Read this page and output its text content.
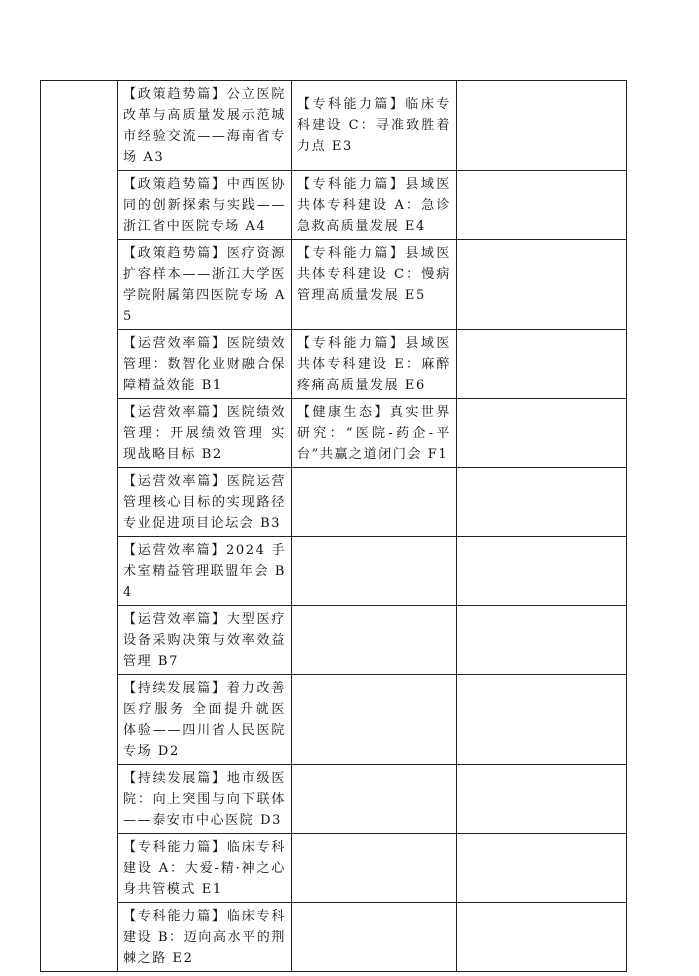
	【政策趋势篇】公立医院改革与高质量发展示范城市经验交流——海南省专场 A3	【专科能力篇】临床专科建设 C：寻准致胜着力点 E3	

	【政策趋势篇】中西医协同的创新探索与实践——浙江省中医院专场 A4	【专科能力篇】县域医共体专科建设 A：急诊急救高质量发展 E4	

	【政策趋势篇】医疗资源扩容样本——浙江大学医学院附属第四医院专场 A5	【专科能力篇】县域医共体专科建设 C：慢病管理高质量发展 E5	

	【运营效率篇】医院绩效管理：数智化业财融合保障精益效能 B1	【专科能力篇】县域医共体专科建设 E：麻醉疼痛高质量发展 E6	

	【运营效率篇】医院绩效管理：开展绩效管理 实现战略目标 B2	【健康生态】真实世界研究：“医院-药企-平台”共赢之道闭门会 F1	

	【运营效率篇】医院运营管理核心目标的实现路径专业促进项目论坛会 B3		

	【运营效率篇】2024 手术室精益管理联盟年会 B4		

	【运营效率篇】大型医疗设备采购决策与效率效益管理 B7		

	【持续发展篇】着力改善医疗服务 全面提升就医体验——四川省人民医院专场 D2		

	【持续发展篇】地市级医院：向上突围与向下联体——泰安市中心医院 D3		

	【专科能力篇】临床专科建设 A：大爱-精·神之心身共管模式 E1		

	【专科能力篇】临床专科建设 B：迈向高水平的荆棘之路 E2		
